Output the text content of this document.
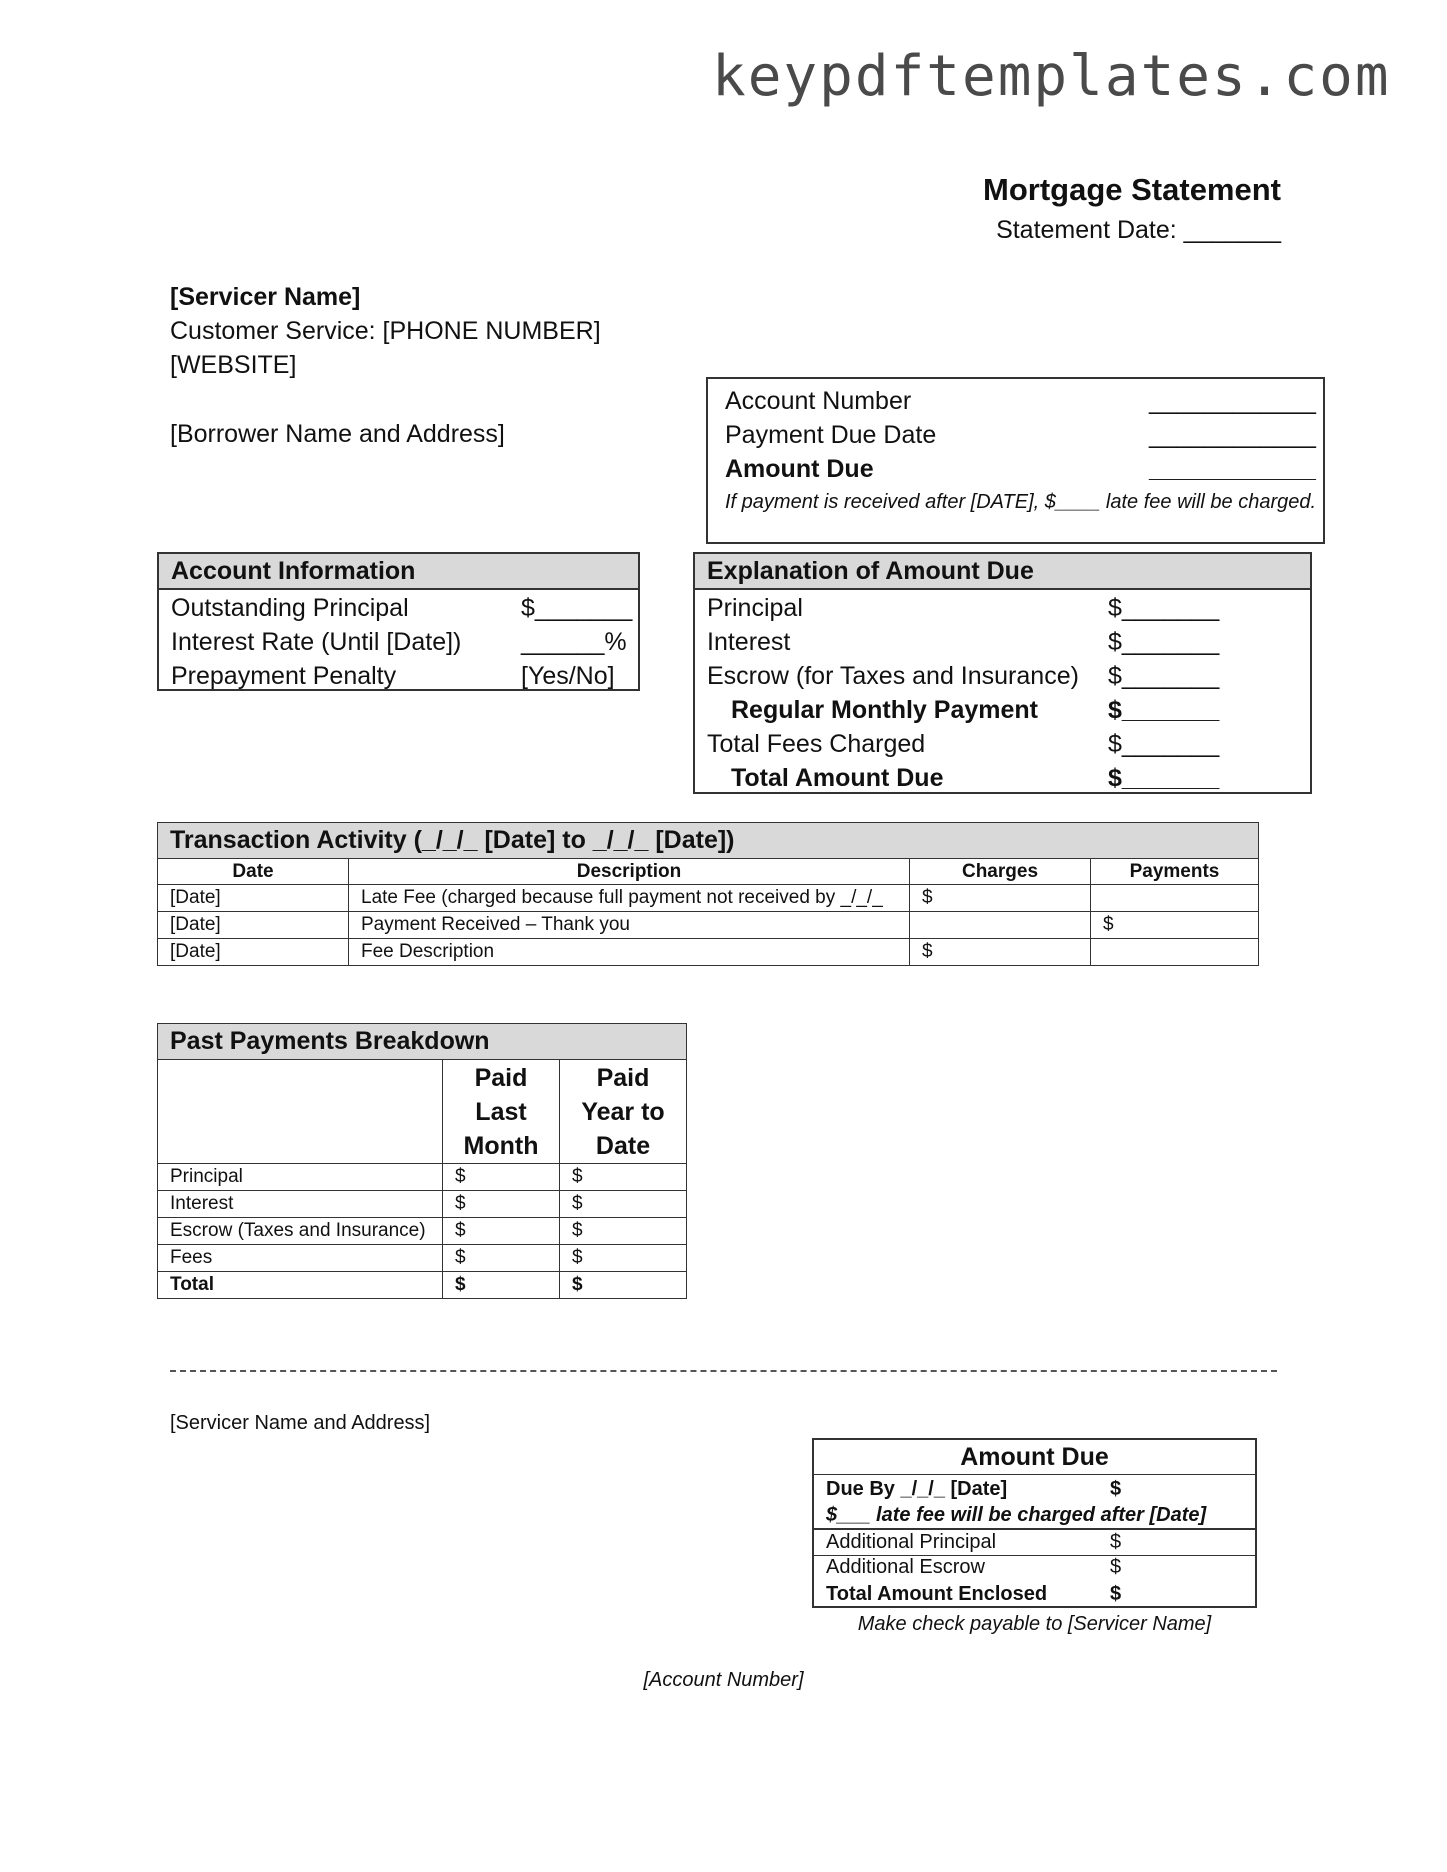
keypdftemplates.com
Mortgage Statement
Statement Date: _______
[Servicer Name]
Customer Service: [PHONE NUMBER]
[WEBSITE]
[Borrower Name and Address]
Account Number	____________
Payment Due Date	____________
Amount Due	____________
If payment is received after [DATE], $____ late fee will be charged.
Account Information
Outstanding Principal	$_______
Interest Rate (Until [Date]) ______%
Prepayment Penalty	[Yes/No]
Explanation of Amount Due
Principal	$_______
Interest	$_______
Escrow (for Taxes and Insurance) $_______
Regular Monthly Payment	$_______
Total Fees Charged	$_______
Total Amount Due	$_______
Transaction Activity (_/_/_ [Date] to _/_/_ [Date])			
Date	Description	Charges	Payments
[Date]	Late Fee (charged because full payment not received by _/_/_	$	
[Date]	Payment Received – Thank you		$
[Date]	Fee Description	$	
Past Payments Breakdown		
	Paid Last Month	Paid Year to Date
Principal	$	$
Interest	$	$
Escrow (Taxes and Insurance)	$	$
Fees	$	$
Total	$	$
[Servicer Name and Address]
Amount Due
Due By _/_/_ [Date]	$
$___ late fee will be charged after [Date]
Additional Principal	$
Additional Escrow	$
Total Amount Enclosed	$
Make check payable to [Servicer Name]
[Account Number]
